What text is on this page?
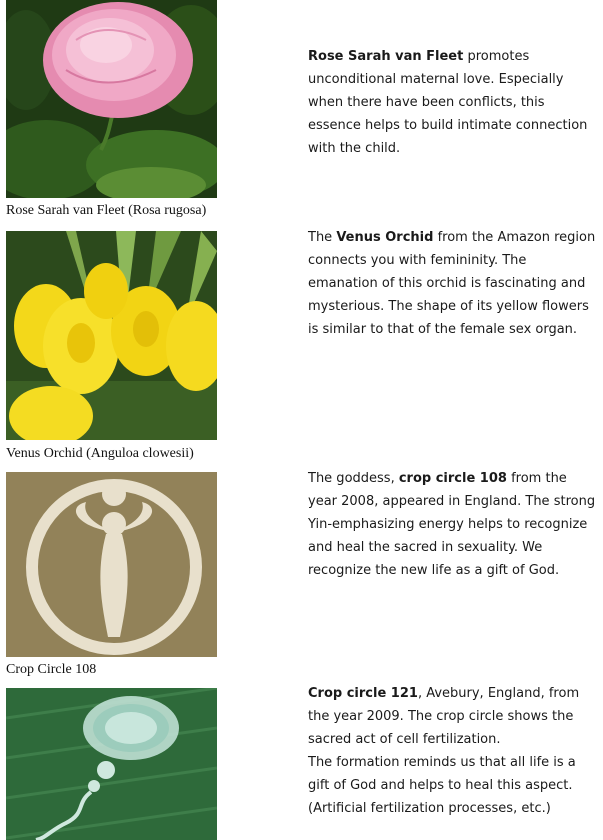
Rose Sarah van Fleet (Rosa rugosa)

Rose Sarah van Fleet promotes unconditional maternal love. Especially when there have been conflicts, this essence helps to build intimate connection with the child.

Venus Orchid (Anguloa clowesii)

The Venus Orchid from the Amazon region connects you with femininity. The emanation of this orchid is fascinating and mysterious. The shape of its yellow flowers is similar to that of the female sex organ.

Crop Circle 108

The goddess, crop circle 108 from the year 2008, appeared in England. The strong Yin-emphasizing energy helps to recognize and heal the sacred in sexuality. We recognize the new life as a gift of God.

Crop circle 121, Avebury, England, from the year 2009. The crop circle shows the sacred act of cell fertilization.

The formation reminds us that all life is a gift of God and helps to heal this aspect. (Artificial fertilization processes, etc.)
